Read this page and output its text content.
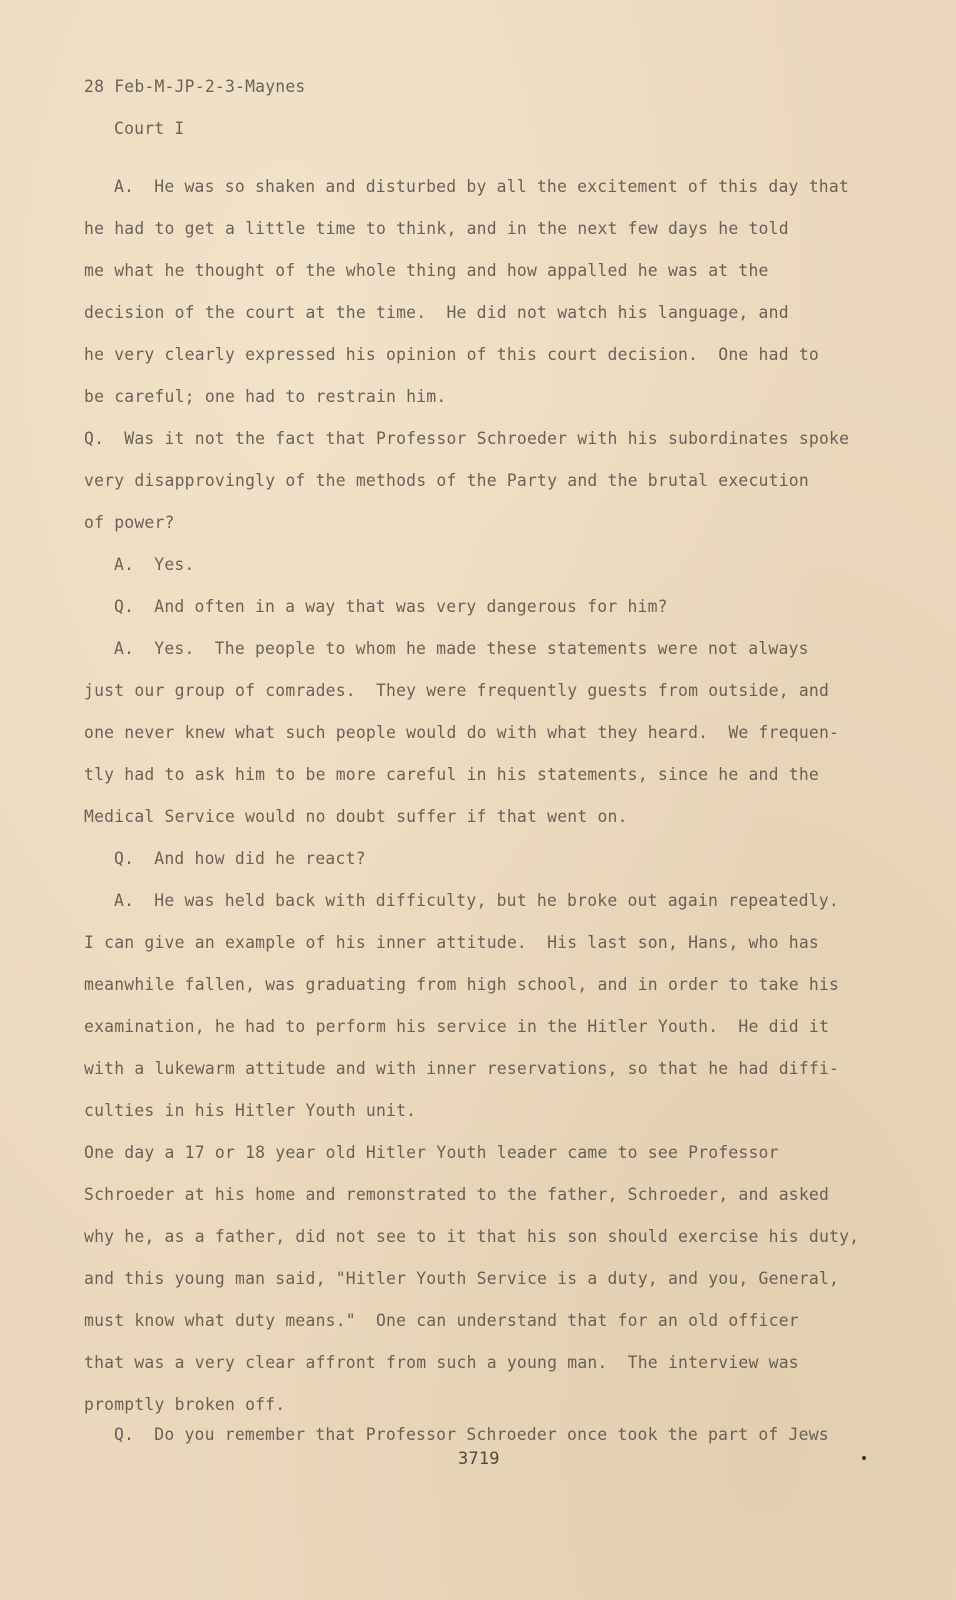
28 Feb-M-JP-2-3-Maynes
Court I
A.  He was so shaken and disturbed by all the excitement of this day that
he had to get a little time to think, and in the next few days he told
me what he thought of the whole thing and how appalled he was at the
decision of the court at the time.  He did not watch his language, and
he very clearly expressed his opinion of this court decision.  One had to
be careful; one had to restrain him.
Q.  Was it not the fact that Professor Schroeder with his subordinates spoke
very disapprovingly of the methods of the Party and the brutal execution
of power?
A.  Yes.
Q.  And often in a way that was very dangerous for him?
A.  Yes.  The people to whom he made these statements were not always
just our group of comrades.  They were frequently guests from outside, and
one never knew what such people would do with what they heard.  We frequen-
tly had to ask him to be more careful in his statements, since he and the
Medical Service would no doubt suffer if that went on.
Q.  And how did he react?
A.  He was held back with difficulty, but he broke out again repeatedly.
I can give an example of his inner attitude.  His last son, Hans, who has
meanwhile fallen, was graduating from high school, and in order to take his
examination, he had to perform his service in the Hitler Youth.  He did it
with a lukewarm attitude and with inner reservations, so that he had diffi-
culties in his Hitler Youth unit.
One day a 17 or 18 year old Hitler Youth leader came to see Professor
Schroeder at his home and remonstrated to the father, Schroeder, and asked
why he, as a father, did not see to it that his son should exercise his duty,
and this young man said, "Hitler Youth Service is a duty, and you, General,
must know what duty means."  One can understand that for an old officer
that was a very clear affront from such a young man.  The interview was
promptly broken off.
Q.  Do you remember that Professor Schroeder once took the part of Jews
3719
